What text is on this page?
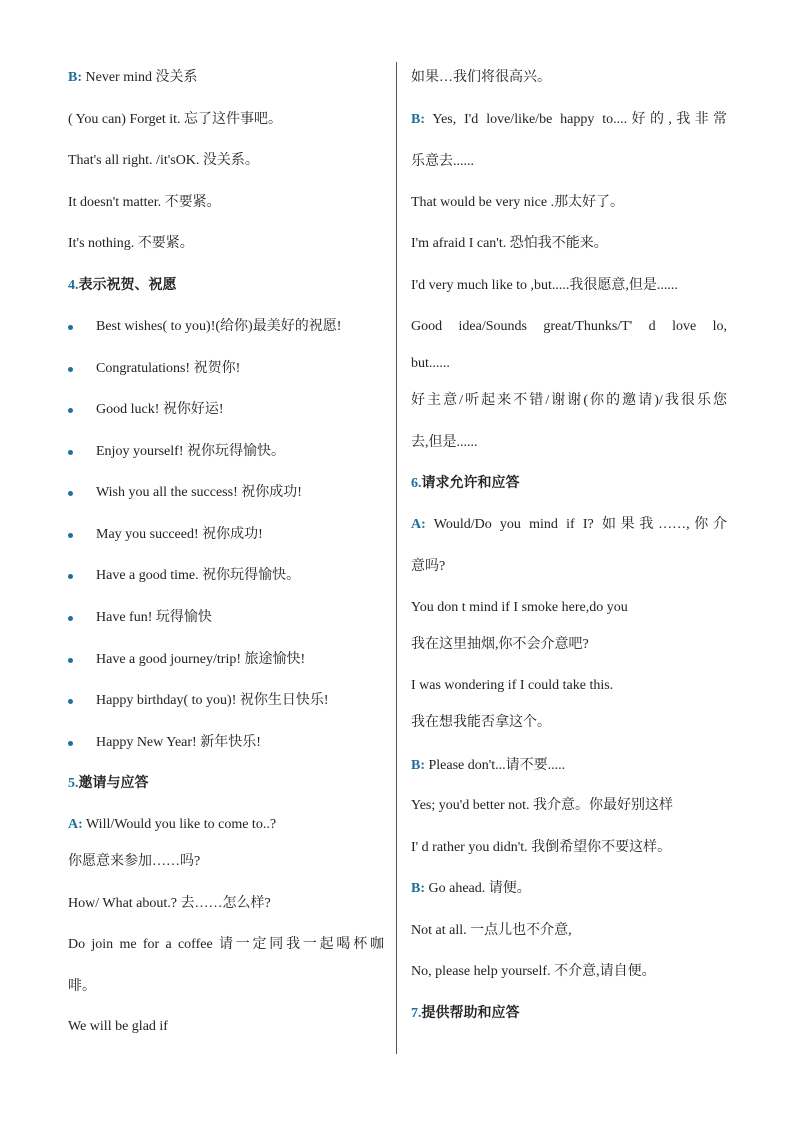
B: Never mind 没关系
( You can) Forget it. 忘了这件事吧。
That's all right. /it'sOK. 没关系。
It doesn't matter. 不要紧。
It's nothing. 不要紧。
4.表示祝贺、祝愿
Best wishes( to you)!(给你)最美好的祝愿!
Congratulations! 祝贺你!
Good luck! 祝你好运!
Enjoy yourself! 祝你玩得愉快。
Wish you all the success! 祝你成功!
May you succeed! 祝你成功!
Have a good time. 祝你玩得愉快。
Have fun! 玩得愉快
Have a good journey/trip! 旅途愉快!
Happy birthday( to you)! 祝你生日快乐!
Happy New Year! 新年快乐!
5.邀请与应答
A: Will/Would you like to come to..?
你愿意来参加……吗?
How/ What about.? 去……怎么样?
Do join me for a coffee 请一定同我一起喝杯咖
啡。
We will be glad if
如果…我们将很高兴。
B: Yes, I'd love/like/be happy to....好的,我非常
乐意去......
That would be very nice .那太好了。
I'm afraid I can't. 恐怕我不能来。
I'd very much like to ,but.....我很愿意,但是......
Good idea/Sounds great/Thunks/T' d love lo,
but......
好主意/听起来不错/谢谢(你的邀请)/我很乐您
去,但是......
6.请求允许和应答
A: Would/Do you mind if I? 如果我……,你介
意吗?
You don t mind if I smoke here,do you
我在这里抽烟,你不会介意吧?
I was wondering if I could take this.
我在想我能否拿这个。
B: Please don't...请不要.....
Yes; you'd better not. 我介意。你最好别这样
I' d rather you didn't. 我倒希望你不要这样。
B: Go ahead. 请便。
Not at all. 一点儿也不介意,
No, please help yourself. 不介意,请自便。
7.提供帮助和应答
